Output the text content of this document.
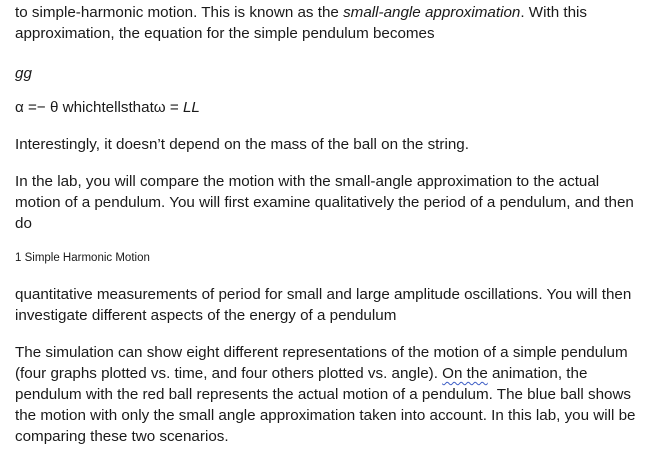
to simple-harmonic motion. This is known as the small-angle approximation. With this approximation, the equation for the simple pendulum becomes

gg
α =− θ whichtellsthatω = LL

Interestingly, it doesn’t depend on the mass of the ball on the string.

In the lab, you will compare the motion with the small-angle approximation to the actual motion of a pendulum. You will first examine qualitatively the period of a pendulum, and then do

1 Simple Harmonic Motion

quantitative measurements of period for small and large amplitude oscillations. You will then investigate different aspects of the energy of a pendulum

The simulation can show eight different representations of the motion of a simple pendulum (four graphs plotted vs. time, and four others plotted vs. angle). On the animation, the pendulum with the red ball represents the actual motion of a pendulum. The blue ball shows the motion with only the small angle approximation taken into account. In this lab, you will be comparing these two scenarios.
